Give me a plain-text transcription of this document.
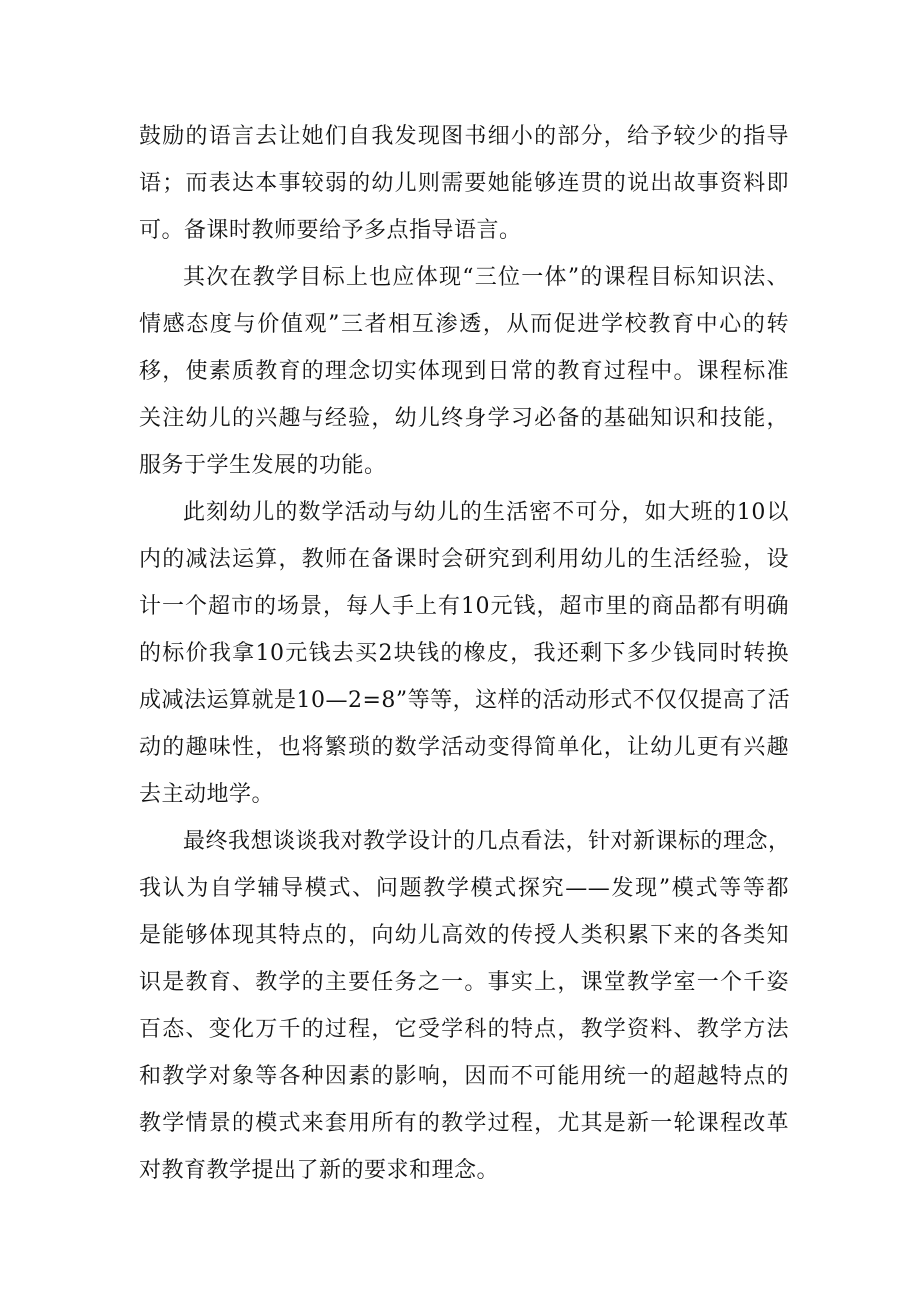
鼓励的语言去让她们自我发现图书细小的部分，给予较少的指导
语；而表达本事较弱的幼儿则需要她能够连贯的说出故事资料即
可。备课时教师要给予多点指导语言。
其次在教学目标上也应体现“三位一体”的课程目标知识法、
情感态度与价值观”三者相互渗透，从而促进学校教育中心的转
移，使素质教育的理念切实体现到日常的教育过程中。课程标准
关注幼儿的兴趣与经验，幼儿终身学习必备的基础知识和技能，
服务于学生发展的功能。
此刻幼儿的数学活动与幼儿的生活密不可分，如大班的10以
内的减法运算，教师在备课时会研究到利用幼儿的生活经验，设
计一个超市的场景，每人手上有10元钱，超市里的商品都有明确
的标价我拿10元钱去买2块钱的橡皮，我还剩下多少钱同时转换
成减法运算就是10—2=8”等等，这样的活动形式不仅仅提高了活
动的趣味性，也将繁琐的数学活动变得简单化，让幼儿更有兴趣
去主动地学。
最终我想谈谈我对教学设计的几点看法，针对新课标的理念，
我认为自学辅导模式、问题教学模式探究——发现”模式等等都
是能够体现其特点的，向幼儿高效的传授人类积累下来的各类知
识是教育、教学的主要任务之一。事实上，课堂教学室一个千姿
百态、变化万千的过程，它受学科的特点，教学资料、教学方法
和教学对象等各种因素的影响，因而不可能用统一的超越特点的
教学情景的模式来套用所有的教学过程，尤其是新一轮课程改革
对教育教学提出了新的要求和理念。
